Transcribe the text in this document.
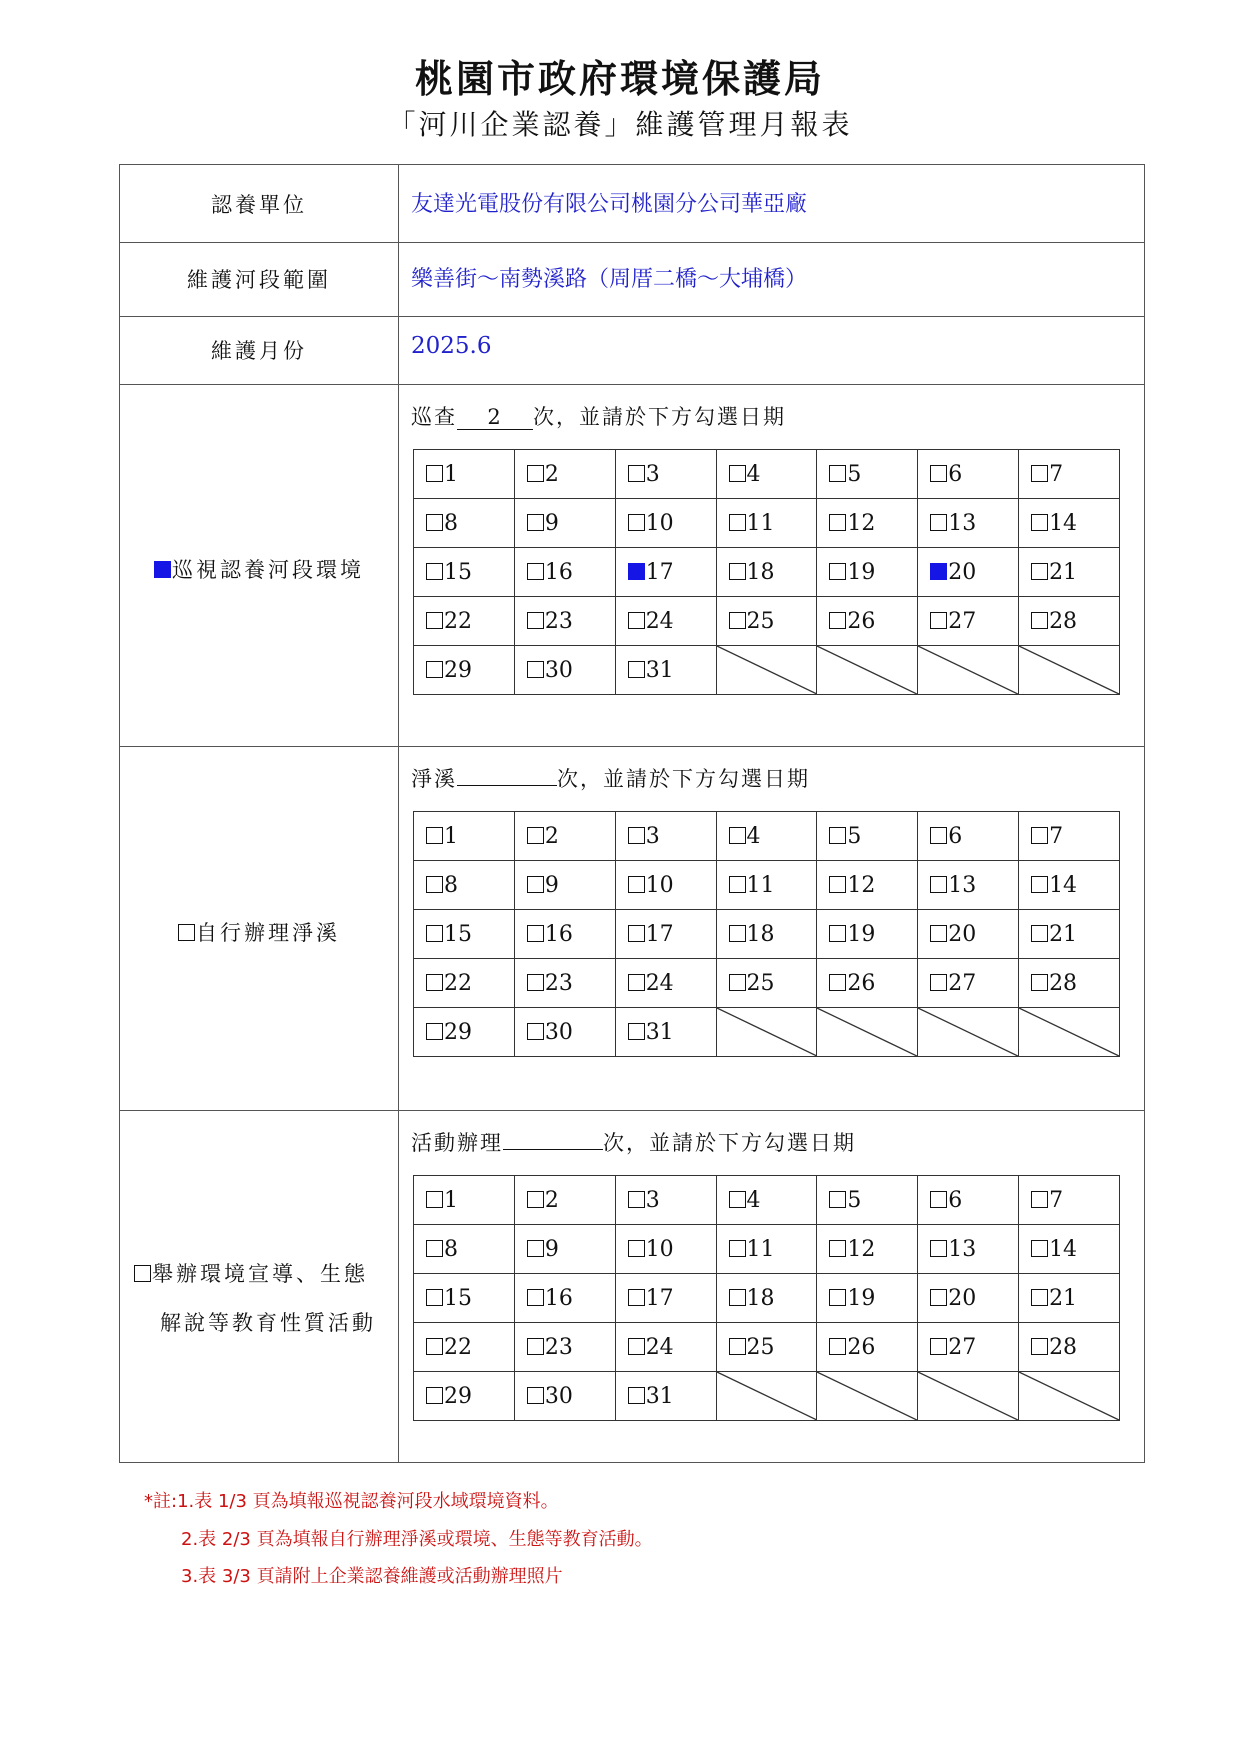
桃園市政府環境保護局
「河川企業認養」維護管理月報表
認養單位	友達光電股份有限公司桃園分公司華亞廠
維護河段範圍	樂善街～南勢溪路（周厝二橋～大埔橋）
維護月份	2025.6
巡視認養河段環境
巡查 2 次，並請於下方勾選日期
1	2	3	4	5	6	7
8	9	10	11	12	13	14
15	16	17	18	19	20	21
22	23	24	25	26	27	28
29	30	31	

自行辦理淨溪
淨溪	次，並請於下方勾選日期
1	2	3	4	5	6	7
8	9	10	11	12	13	14
15	16	17	18	19	20	21
22	23	24	25	26	27	28
29	30	31	

舉辦環境宣導、生態
解說等教育性質活動
活動辦理	次，並請於下方勾選日期
1	2	3	4	5	6	7
8	9	10	11	12	13	14
15	16	17	18	19	20	21
22	23	24	25	26	27	28
29	30	31	

*註:1.表 1/3 頁為填報巡視認養河段水域環境資料。
2.表 2/3 頁為填報自行辦理淨溪或環境、生態等教育活動。
3.表 3/3 頁請附上企業認養維護或活動辦理照片
